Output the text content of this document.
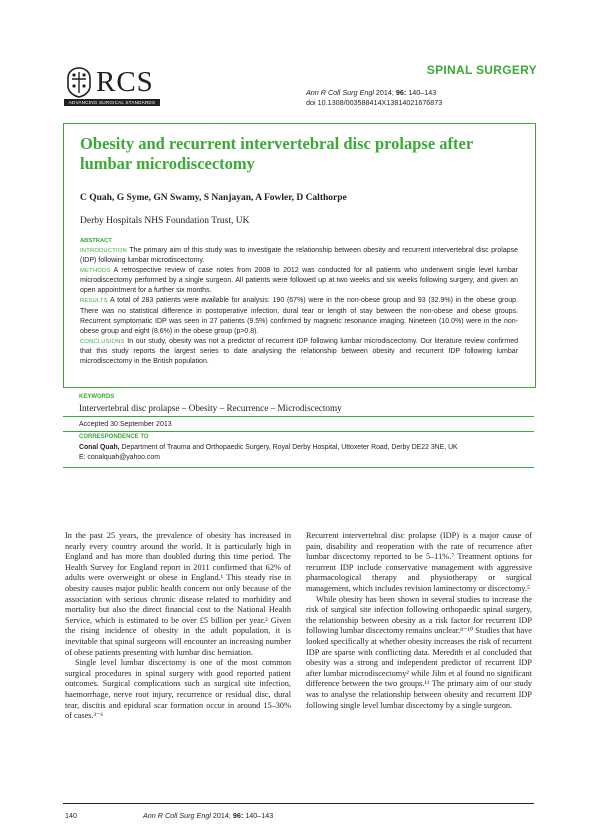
RCS
ADVANCING SURGICAL STANDARDS
SPINAL SURGERY
Ann R Coll Surg Engl 2014; 96: 140–143
doi 10.1308/003588414X13814021676873
Obesity and recurrent intervertebral disc prolapse after lumbar microdiscectomy
C Quah, G Syme, GN Swamy, S Nanjayan, A Fowler, D Calthorpe
Derby Hospitals NHS Foundation Trust, UK
ABSTRACT
INTRODUCTION The primary aim of this study was to investigate the relationship between obesity and recurrent intervertebral disc prolapse (IDP) following lumbar microdiscectomy.
METHODS A retrospective review of case notes from 2008 to 2012 was conducted for all patients who underwent single level lumbar microdiscectomy performed by a single surgeon. All patients were followed up at two weeks and six weeks following surgery, and given an open appointment for a further six months.
RESULTS A total of 283 patients were available for analysis: 190 (67%) were in the non-obese group and 93 (32.9%) in the obese group. There was no statistical difference in postoperative infection, dural tear or length of stay between the non-obese and obese groups. Recurrent symptomatic IDP was seen in 27 patients (9.5%) confirmed by magnetic resonance imaging. Nineteen (10.0%) were in the non-obese group and eight (8.6%) in the obese group (p>0.8).
CONCLUSIONS In our study, obesity was not a predictor of recurrent IDP following lumbar microdiscectomy. Our literature review confirmed that this study reports the largest series to date analysing the relationship between obesity and recurrent IDP following lumbar microdiscectomy in the British population.
KEYWORDS
Intervertebral disc prolapse – Obesity – Recurrence – Microdiscectomy
Accepted 30 September 2013
CORRESPONDENCE TO
Conal Quah, Department of Trauma and Orthopaedic Surgery, Royal Derby Hospital, Uttoxeter Road, Derby DE22 3NE, UK
E: conalquah@yahoo.com

In the past 25 years, the prevalence of obesity has increased in nearly every country around the world. It is particularly high in England and has more than doubled during this time period. The Health Survey for England report in 2011 confirmed that 62% of adults were overweight or obese in England.¹ This steady rise in obesity causes major public health concern not only because of the association with serious chronic disease related to morbidity and mortality but also the direct financial cost to the National Health Service, which is estimated to be over £5 billion per year.² Given the rising incidence of obesity in the adult population, it is inevitable that spinal surgeons will encounter an increasing number of obese patients presenting with lumbar disc herniation.

Single level lumbar discectomy is one of the most common surgical procedures in spinal surgery with good reported patient outcomes. Surgical complications such as surgical site infection, haemorrhage, nerve root injury, recurrence or residual disc, dural tear, discitis and epidural scar formation occur in around 15–30% of cases.³⁻⁶

Recurrent intervertebral disc prolapse (IDP) is a major cause of pain, disability and reoperation with the rate of recurrence after lumbar discectomy reported to be 5–11%.⁷ Treatment options for recurrent IDP include conservative management with aggressive pharmacological therapy and physiotherapy or surgical management, which includes revision laminectomy or discectomy.⁵

While obesity has been shown in several studies to increase the risk of surgical site infection following orthopaedic spinal surgery, the relationship between obesity as a risk factor for recurrent IDP following lumbar discectomy remains unclear.⁸⁻¹⁰ Studies that have looked specifically at whether obesity increases the risk of recurrent IDP are sparse with conflicting data. Meredith et al concluded that obesity was a strong and independent predictor of recurrent IDP after lumbar microdiscectomy² while Jiłm et al found no significant difference between the two groups.¹¹ The primary aim of our study was to analyse the relationship between obesity and recurrent IDP following single level lumbar discectomy by a single surgeon.

140	Ann R Coll Surg Engl 2014; 96: 140–143
